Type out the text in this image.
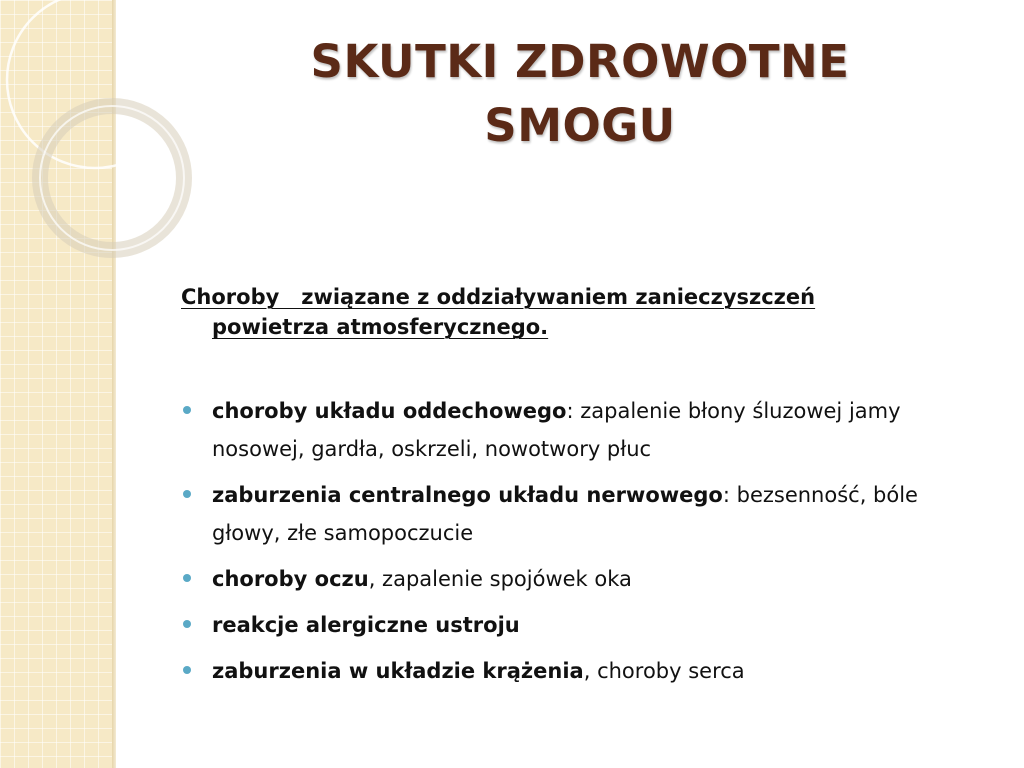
SKUTKI ZDROWOTNE
SMOGU

Choroby   związane z oddziaływaniem zanieczyszczeń
powietrza atmosferycznego.

choroby układu oddechowego: zapalenie błony śluzowej jamy nosowej, gardła, oskrzeli, nowotwory płuc
zaburzenia centralnego układu nerwowego: bezsenność, bóle głowy, złe samopoczucie
choroby oczu, zapalenie spojówek oka
reakcje alergiczne ustroju
zaburzenia w układzie krążenia, choroby serca
